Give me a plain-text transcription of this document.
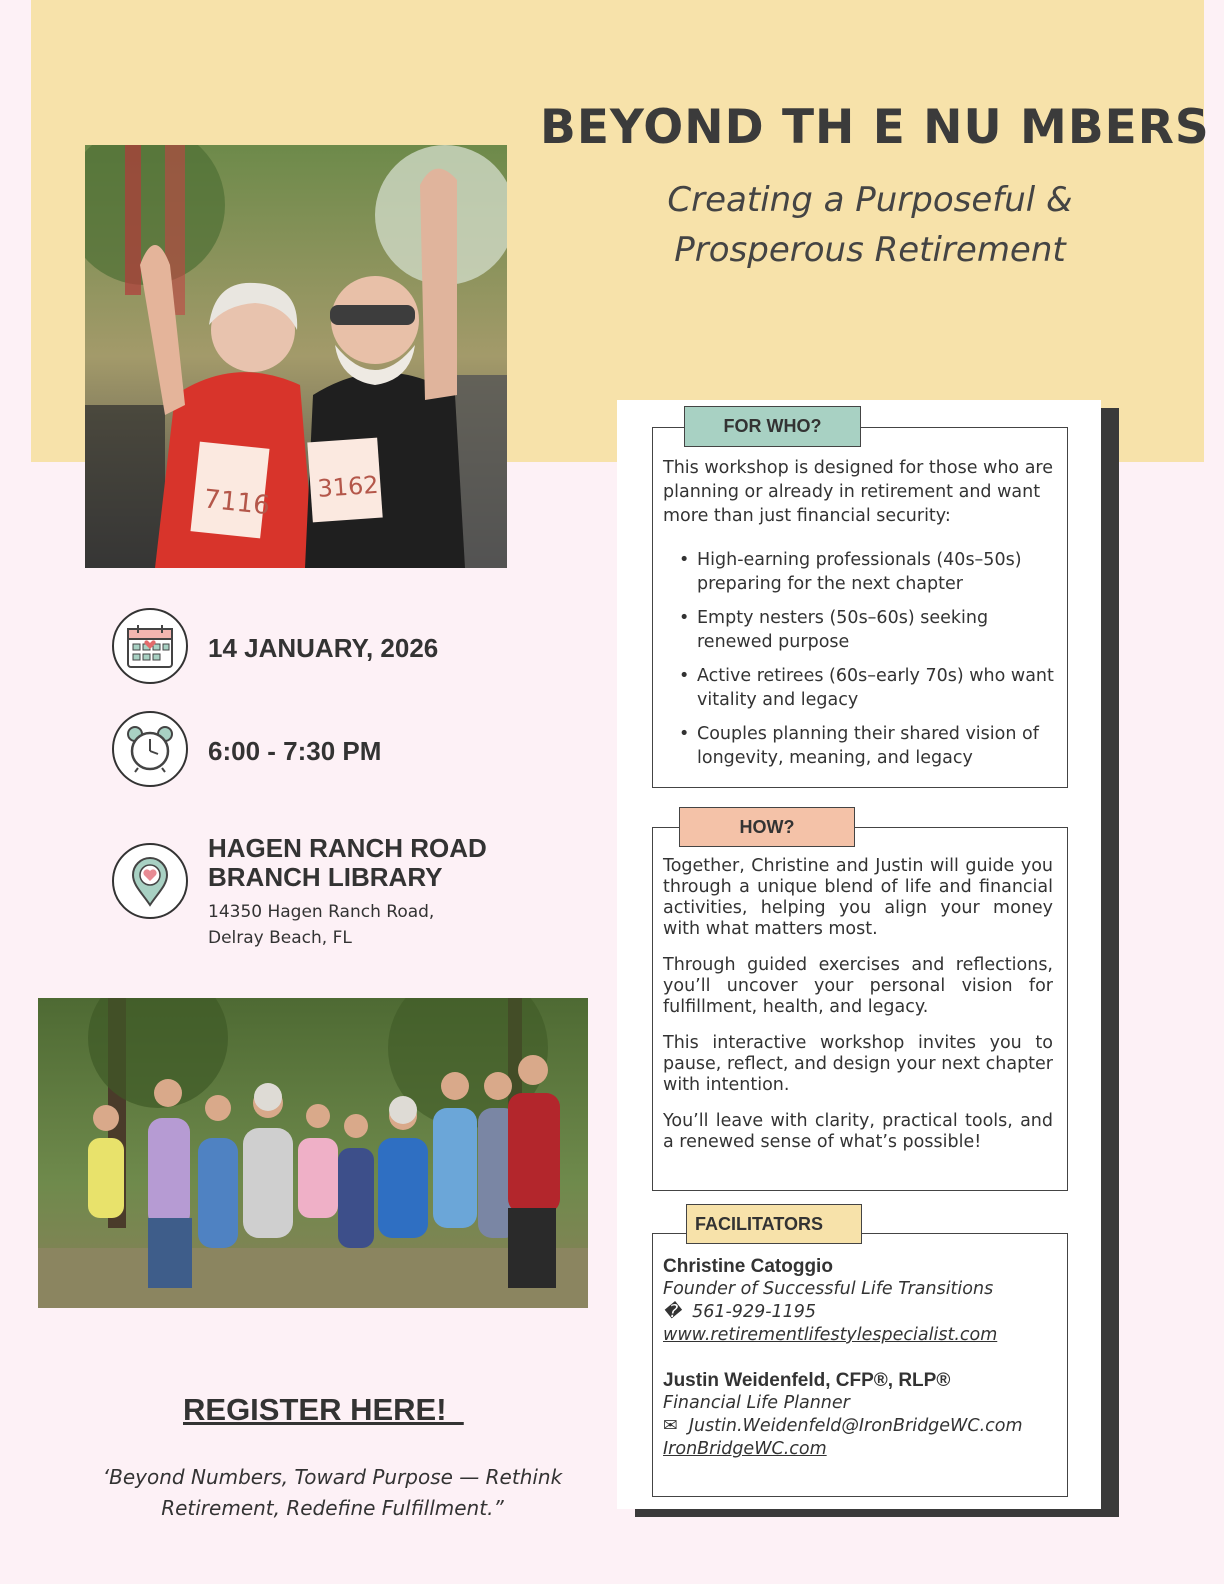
BEYOND TH E NU MBERS
Creating a Purposeful &
Prosperous Retirement
7116 3162
14 JANUARY, 2026
6:00 - 7:30 PM
HAGEN RANCH ROAD
BRANCH LIBRARY
14350 Hagen Ranch Road,
Delray Beach, FL
REGISTER HERE!
‘Beyond Numbers, Toward Purpose — Rethink
Retirement, Redefine Fulfillment.”
FOR WHO?
This workshop is designed for those who are planning or already in retirement and want more than just financial security:
• High-earning professionals (40s–50s) preparing for the next chapter
• Empty nesters (50s–60s) seeking renewed purpose
• Active retirees (60s–early 70s) who want vitality and legacy
• Couples planning their shared vision of longevity, meaning, and legacy
HOW?

Together, Christine and Justin will guide you through a unique blend of life and financial activities, helping you align your money with what matters most.

Through guided exercises and reflections, you’ll uncover your personal vision for fulfillment, health, and legacy.

This interactive workshop invites you to pause, reflect, and design your next chapter with intention.

You’ll leave with clarity, practical tools, and a renewed sense of what’s possible!

FACILITATORS
Christine Catoggio
Founder of Successful Life Transitions
� 561-929-1195
www.retirementlifestylespecialist.com
Justin Weidenfeld, CFP®, RLP®
Financial Life Planner
✉ Justin.Weidenfeld@IronBridgeWC.com
IronBridgeWC.com
